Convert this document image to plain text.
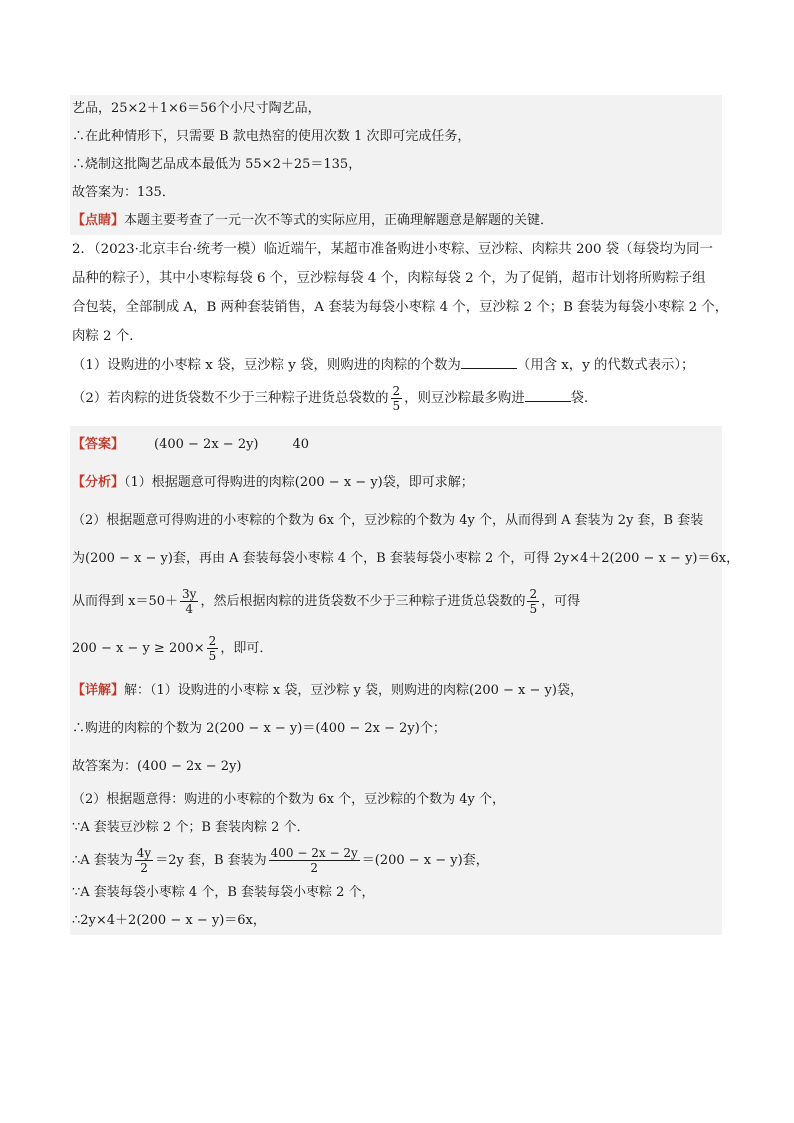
艺品，25×2＋1×6＝56个小尺寸陶艺品，
∴在此种情形下，只需要 B 款电热窑的使用次数 1 次即可完成任务，
∴烧制这批陶艺品成本最低为 55×2＋25＝135，
故答案为：135．
【点睛】本题主要考查了一元一次不等式的实际应用，正确理解题意是解题的关键．
2．（2023·北京丰台·统考一模）临近端午，某超市准备购进小枣粽、豆沙粽、肉粽共 200 袋（每袋均为同一
品种的粽子），其中小枣粽每袋 6 个，豆沙粽每袋 4 个，肉粽每袋 2 个，为了促销，超市计划将所购粽子组
合包装，全部制成 A，B 两种套装销售，A 套装为每袋小枣粽 4 个，豆沙粽 2 个；B 套装为每袋小枣粽 2 个，
肉粽 2 个．
（1）设购进的小枣粽 x 袋，豆沙粽 y 袋，则购进的肉粽的个数为	（用含 x，y 的代数式表示）；
（2）若肉粽的进货袋数不少于三种粽子进货总袋数的 $\frac{2}{5}$ ，则豆沙粽最多购进	袋．
【答案】 (400 − 2x − 2y)	40
【分析】（1）根据题意可得购进的肉粽(200 − x − y)袋，即可求解；
（2）根据题意可得购进的小枣粽的个数为 6x 个，豆沙粽的个数为 4y 个，从而得到 A 套装为 2y 套，B 套装
为(200 − x − y)套，再由 A 套装每袋小枣粽 4 个，B 套装每袋小枣粽 2 个，可得 2y×4＋2(200 − x − y)＝6x，
从而得到 $x=50+ \frac{3y}{4}$ ，然后根据肉粽的进货袋数不少于三种粽子进货总袋数的 $\frac{2}{5}$ ，可得
$200 - x - y \ge 200\times \frac{2}{5}$ ，即可．
【详解】解：（1）设购进的小枣粽 x 袋，豆沙粽 y 袋，则购进的肉粽(200 − x − y)袋，
∴购进的肉粽的个数为 2(200 − x − y)＝(400 − 2x − 2y)个；
故答案为：(400 − 2x − 2y)
（2）根据题意得：购进的小枣粽的个数为 6x 个，豆沙粽的个数为 4y 个，
∵A 套装豆沙粽 2 个；B 套装肉粽 2 个．
∴A 套装为 $\frac{4y}{2} =2y$ 套，B 套装为 $\frac{400 - 2x - 2y}{2} =(200 - x - y)$套，
∵A 套装每袋小枣粽 4 个，B 套装每袋小枣粽 2 个，
∴2y×4＋2(200 − x − y)＝6x，
